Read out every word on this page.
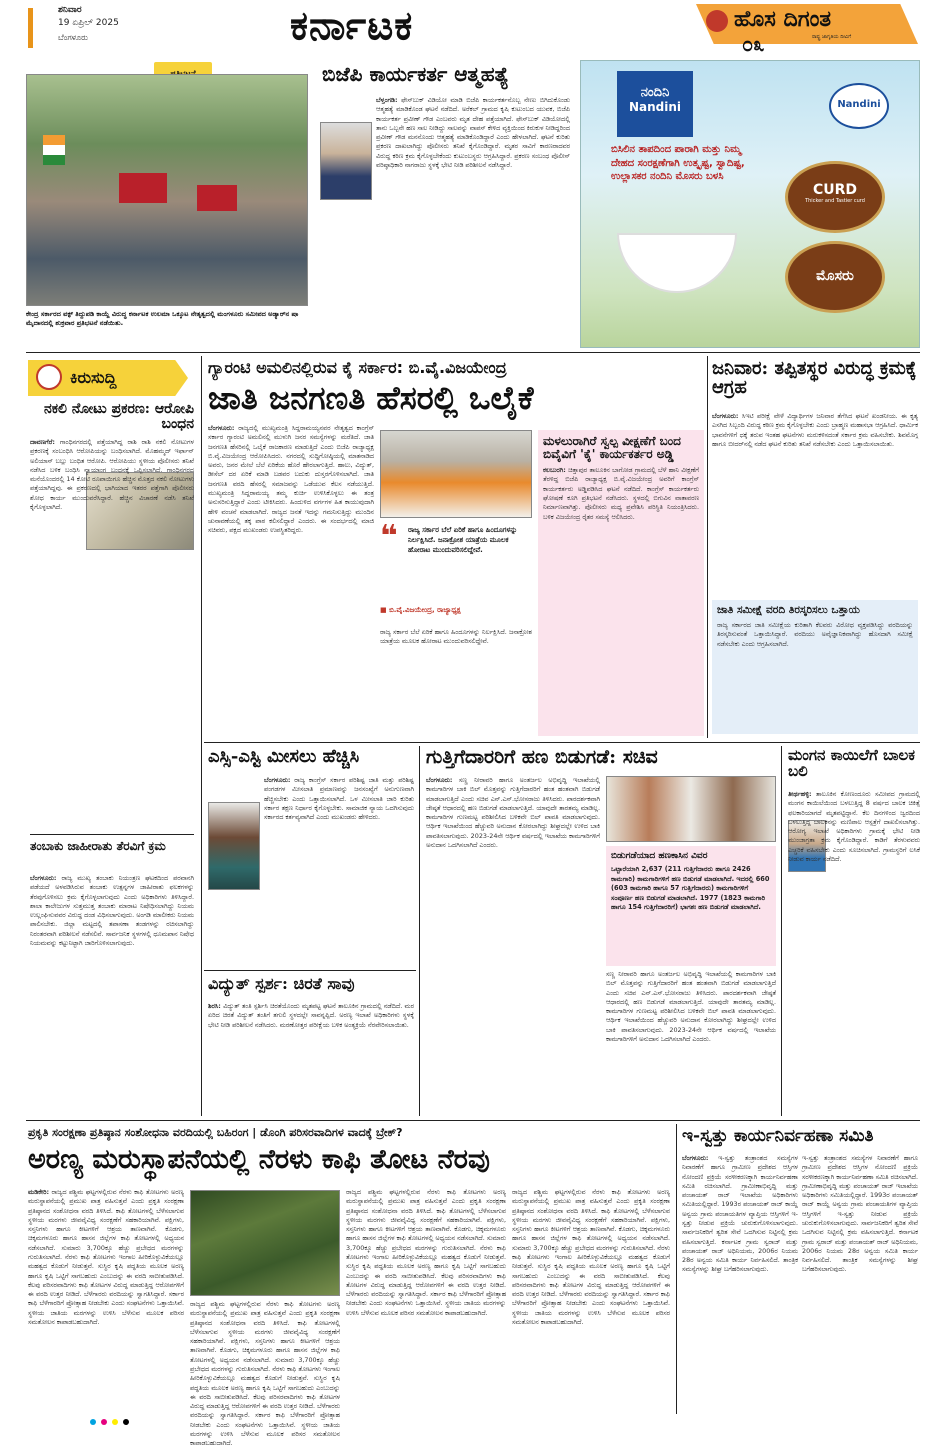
ಶನಿವಾರ
19 ಏಪ್ರಿಲ್ 2025
ಬೆಂಗಳೂರು	ಕರ್ನಾಟಕ	ಹೊಸ ದಿಗಂತ
ರಾಷ್ಟ್ರ ಜಾಗೃತಿಯ ದೀವಿಗೆ
೦೩
ಕೇಂದ್ರ ಸರ್ಕಾರದ ವಕ್ಫ್ ತಿದ್ದುಪಡಿ ಕಾಯ್ದೆ ವಿರುದ್ಧ ಕರ್ನಾಟಕ ಉಲಮಾ ಒಕ್ಕೂಟ ನೇತೃತ್ವದಲ್ಲಿ ಮಂಗಳೂರು ಸಮೀಪದ ಅಡ್ಯಾರ್‌ನ ಷಾ ಮೈದಾನದಲ್ಲಿ ಶುಕ್ರವಾರ ಪ್ರತಿಭಟನೆ ನಡೆಯಿತು.
ಬಿಜೆಪಿ ಕಾರ್ಯಕರ್ತ ಆತ್ಮಹತ್ಯೆ
ಬೆಳ್ತಂಗಡಿ: ಫೇಸ್‌ಬುಕ್ ವಿಡಿಯೋ ಮಾಡಿ ಬಿಜೆಪಿ ಕಾರ್ಯಕರ್ತನೊಬ್ಬ ನೇಣು ಬಿಗಿದುಕೊಂಡು ಆತ್ಮಹತ್ಯೆ ಮಾಡಿಕೊಂಡ ಘಟನೆ ನಡೆದಿದೆ. ಅರೆಕಲ್ ಗ್ರಾಮದ ಕೃಷಿ ಕುಟುಂಬದ ಯುವಕ, ಬಿಜೆಪಿ ಕಾರ್ಯಕರ್ತ ಪ್ರವೀಣ್ ಗೌಡ ಎಂಬವರು ಮೃತ ದೇಹ ಪತ್ತೆಯಾಗಿದೆ. ಫೇಸ್‌ಬುಕ್ ವಿಡಿಯೋದಲ್ಲಿ ತಾನು ಒಬ್ಬನೇ ಹಣ ಸಾಲ ನೀಡಿದ್ದು ಸಾಲವನ್ನು ವಾಪಸ್ ಕೇಳಿದ ವ್ಯಕ್ತಿಯಿಂದ ಕಿರುಕುಳ ನೀಡಿದ್ದರಿಂದ ಪ್ರವೀಣ್ ಗೌಡ ಮನನೊಂದು ಆತ್ಮಹತ್ಯೆ ಮಾಡಿಕೊಂಡಿದ್ದಾರೆ ಎಂದು ಹೇಳಲಾಗಿದೆ. ಘಟನೆ ಕುರಿತು ಪ್ರಕರಣ ದಾಖಲಾಗಿದ್ದು ಪೊಲೀಸರು ತನಿಖೆ ಕೈಗೊಂಡಿದ್ದಾರೆ. ಮೃತರ ಸಾವಿಗೆ ಕಾರಣರಾದವರ ವಿರುದ್ಧ ಕಠಿಣ ಕ್ರಮ ಕೈಗೊಳ್ಳಬೇಕೆಂದು ಕುಟುಂಬಸ್ಥರು ಆಗ್ರಹಿಸಿದ್ದಾರೆ. ಪ್ರಕರಣ ಸಂಬಂಧ ಪೊಲೀಸ್ ವರಿಷ್ಠಾಧಿಕಾರಿ ನಾಗರಾಜು ಸ್ಥಳಕ್ಕೆ ಭೇಟಿ ನೀಡಿ ಪರಿಶೀಲನೆ ನಡೆಸಿದ್ದಾರೆ.
ನಂದಿನಿ
Nandini	Nandini
ಬಿಸಿಲಿನ ತಾಪದಿಂದ ಪಾರಾಗಿ ಮತ್ತು ನಿಮ್ಮ ದೇಹದ ಸಂರಕ್ಷಣೆಗಾಗಿ ಉತ್ಕೃಷ್ಟ, ಸ್ವಾದಿಷ್ಟ, ಉಲ್ಲಾಸಕರ ನಂದಿನಿ ಮೊಸರು ಬಳಸಿ
CURD
Thicker and Tastier curd
ಮೊಸರು
ಕಿರುಸುದ್ದಿ
ನಕಲಿ ನೋಟು ಪ್ರಕರಣ: ಆರೋಪಿ ಬಂಧನ
ದಾವಣಗೆರೆ: ಗಾಂಧಿನಗರದಲ್ಲಿ ಪತ್ತೆಯಾಗಿದ್ದ ರಾಶಿ ರಾಶಿ ನಕಲಿ ನೋಟುಗಳ ಪ್ರಕರಣಕ್ಕೆ ಸಂಬಂಧಿಸಿ ಆರೋಪಿಯನ್ನು ಬಂಧಿಸಲಾಗಿದೆ. ಮೊಹಮ್ಮದ್ ಇರ್ಫಾನ್ ಅಲಿಯಾಸ್ ಬಬ್ಲು ಬಂಧಿತ ಆರೋಪಿ. ಆರೋಪಿಯು ಸ್ಥಳೀಯ ಪೊಲೀಸರು ತನಿಖೆ ನಡೆಸಿದ ಬಳಿಕ ಬಂಧಿಸಿ ನ್ಯಾಯಾಂಗ ಬಂಧನಕ್ಕೆ ಒಪ್ಪಿಸಲಾಗಿದೆ. ಗಾಂಧಿನಗರದ ಮನೆಯೊಂದರಲ್ಲಿ 14 ಕೋಟಿ ರೂಪಾಯಿಗೂ ಹೆಚ್ಚಿನ ಮೊತ್ತದ ನಕಲಿ ನೋಟುಗಳು ಪತ್ತೆಯಾಗಿದ್ದವು. ಈ ಪ್ರಕರಣದಲ್ಲಿ ಭಾಗಿಯಾದ ಇತರರ ಪತ್ತೆಗಾಗಿ ಪೊಲೀಸರು ಶೋಧ ಕಾರ್ಯ ಮುಂದುವರೆಸಿದ್ದಾರೆ. ಹೆಚ್ಚಿನ ವಿಚಾರಣೆ ನಡೆಸಿ ತನಿಖೆ ಕೈಗೊಳ್ಳಲಾಗಿದೆ.
ತಂಬಾಕು ಜಾಹೀರಾತು ತೆರವಿಗೆ ಕ್ರಮ
ಬೆಂಗಳೂರು: ರಾಜ್ಯ ಮುಖ್ಯ ತಂಬಾಕು ನಿಯಂತ್ರಣ ಘಟಕದಿಂದ ಪರವಾನಗಿ ಪಡೆಯದೆ ಅಳವಡಿಸಿರುವ ತಂಬಾಕು ಉತ್ಪನ್ನಗಳ ಜಾಹೀರಾತು ಫಲಕಗಳನ್ನು ತೆರವುಗೊಳಿಸಲು ಕ್ರಮ ಕೈಗೊಳ್ಳಲಾಗುವುದು ಎಂದು ಅಧಿಕಾರಿಗಳು ತಿಳಿಸಿದ್ದಾರೆ. ಶಾಲಾ ಕಾಲೇಜುಗಳ ಸುತ್ತಮುತ್ತ ತಂಬಾಕು ಮಾರಾಟ ನಿಷೇಧಿಸಲಾಗಿದ್ದು ನಿಯಮ ಉಲ್ಲಂಘಿಸುವವರ ವಿರುದ್ಧ ದಂಡ ವಿಧಿಸಲಾಗುವುದು. ಅಂಗಡಿ ಮಾಲೀಕರು ನಿಯಮ ಪಾಲಿಸಬೇಕು. ಜಿಲ್ಲಾ ಮಟ್ಟದಲ್ಲಿ ತಪಾಸಣಾ ತಂಡಗಳನ್ನು ರಚಿಸಲಾಗಿದ್ದು ನಿರಂತರವಾಗಿ ಪರಿಶೀಲನೆ ನಡೆಸಲಿವೆ. ಸಾರ್ವಜನಿಕ ಸ್ಥಳಗಳಲ್ಲಿ ಧೂಮಪಾನ ನಿಷೇಧ ನಿಯಮವನ್ನು ಕಟ್ಟುನಿಟ್ಟಾಗಿ ಜಾರಿಗೊಳಿಸಲಾಗುವುದು.
ಗ್ಯಾರಂಟಿ ಅಮಲಿನಲ್ಲಿರುವ ಕೈ ಸರ್ಕಾರ: ಬಿ.ವೈ.ವಿಜಯೇಂದ್ರ
ಜಾತಿ ಜನಗಣತಿ ಹೆಸರಲ್ಲಿ ಒಲೈಕೆ
ಬೆಂಗಳೂರು: ರಾಜ್ಯದಲ್ಲಿ ಮುಖ್ಯಮಂತ್ರಿ ಸಿದ್ದರಾಮಯ್ಯನವರ ನೇತೃತ್ವದ ಕಾಂಗ್ರೆಸ್ ಸರ್ಕಾರ ಗ್ಯಾರಂಟಿ ಅಮಲಿನಲ್ಲಿ ಮುಳುಗಿ ಜನರ ಸಮಸ್ಯೆಗಳನ್ನು ಮರೆತಿದೆ. ಜಾತಿ ಜನಗಣತಿ ಹೆಸರಿನಲ್ಲಿ ಒಲೈಕೆ ರಾಜಕಾರಣ ಮಾಡುತ್ತಿದೆ ಎಂದು ಬಿಜೆಪಿ ರಾಜ್ಯಾಧ್ಯಕ್ಷ ಬಿ.ವೈ.ವಿಜಯೇಂದ್ರ ಆರೋಪಿಸಿದರು. ನಗರದಲ್ಲಿ ಸುದ್ದಿಗೋಷ್ಠಿಯಲ್ಲಿ ಮಾತನಾಡಿದ ಅವರು, ಜನರ ಮೇಲೆ ಬೆಲೆ ಏರಿಕೆಯ ಹೊರೆ ಹೇರಲಾಗುತ್ತಿದೆ. ಹಾಲು, ವಿದ್ಯುತ್, ಡೀಸೆಲ್ ದರ ಏರಿಕೆ ಮಾಡಿ ಬಡವರ ಬದುಕು ದುಸ್ತರಗೊಳಿಸಲಾಗಿದೆ. ಜಾತಿ ಜನಗಣತಿ ವರದಿ ಹೆಸರಲ್ಲಿ ಸಮಾಜವನ್ನು ಒಡೆಯುವ ಕೆಲಸ ನಡೆಯುತ್ತಿದೆ. ಮುಖ್ಯಮಂತ್ರಿ ಸಿದ್ದರಾಮಯ್ಯ ತಮ್ಮ ಕುರ್ಚಿ ಉಳಿಸಿಕೊಳ್ಳಲು ಈ ತಂತ್ರ ಅನುಸರಿಸುತ್ತಿದ್ದಾರೆ ಎಂದು ಟೀಕಿಸಿದರು. ಹಿಂದುಳಿದ ವರ್ಗಗಳ ಹಿತ ಕಾಯುವುದಾಗಿ ಹೇಳಿ ವಂಚನೆ ಮಾಡಲಾಗಿದೆ. ರಾಜ್ಯದ ಜನತೆ ಇದನ್ನು ಗಮನಿಸುತ್ತಿದ್ದು ಮುಂದಿನ ಚುನಾವಣೆಯಲ್ಲಿ ತಕ್ಕ ಪಾಠ ಕಲಿಸಲಿದ್ದಾರೆ ಎಂದರು. ಈ ಸಂದರ್ಭದಲ್ಲಿ ಮಾಜಿ ಸಚಿವರು, ಪಕ್ಷದ ಮುಖಂಡರು ಉಪಸ್ಥಿತರಿದ್ದರು.	❝ ರಾಜ್ಯ ಸರ್ಕಾರ ಬೆಲೆ ಏರಿಕೆ ಹಾಗೂ ಹಿಂದೂಗಳನ್ನು ನಿರ್ಲಕ್ಷಿಸಿದೆ. ಜನಾಕ್ರೋಶ ಯಾತ್ರೆಯ ಮೂಲಕ ಹೋರಾಟ ಮುಂದುವರಿಸಲಿದ್ದೇವೆ.
■ ಬಿ.ವೈ.ವಿಜಯೇಂದ್ರ, ರಾಜ್ಯಾಧ್ಯಕ್ಷ
ರಾಜ್ಯ ಸರ್ಕಾರ ಬೆಲೆ ಏರಿಕೆ ಹಾಗೂ ಹಿಂದೂಗಳನ್ನು ನಿರ್ಲಕ್ಷಿಸಿದೆ. ಜನಾಕ್ರೋಶ ಯಾತ್ರೆಯ ಮೂಲಕ ಹೋರಾಟ ಮುಂದುವರಿಸಲಿದ್ದೇವೆ.
ಮಳಲುರಾಗಿರೆ ಸ್ವಲ್ಪ ವೀಕ್ಷಣೆಗೆ ಬಂದ ಬಿವೈವಿಗೆ 'ಕೈ' ಕಾರ್ಯಕರ್ತರ ಅಡ್ಡಿ
ಕಲಬುರಗಿ: ಚಿತ್ತಾಪುರ ತಾಲೂಕಿನ ಬಾಗೋಡ ಗ್ರಾಮದಲ್ಲಿ ಬೆಳೆ ಹಾನಿ ವೀಕ್ಷಣೆಗೆ ತೆರಳಿದ್ದ ಬಿಜೆಪಿ ರಾಜ್ಯಾಧ್ಯಕ್ಷ ಬಿ.ವೈ.ವಿಜಯೇಂದ್ರ ಅವರಿಗೆ ಕಾಂಗ್ರೆಸ್ ಕಾರ್ಯಕರ್ತರು ಅಡ್ಡಿಪಡಿಸಿದ ಘಟನೆ ನಡೆದಿದೆ. ಕಾಂಗ್ರೆಸ್ ಕಾರ್ಯಕರ್ತರು ಘೋಷಣೆ ಕೂಗಿ ಪ್ರತಿಭಟನೆ ನಡೆಸಿದರು. ಸ್ಥಳದಲ್ಲಿ ಬಿಗುವಿನ ವಾತಾವರಣ ನಿರ್ಮಾಣವಾಗಿತ್ತು. ಪೊಲೀಸರು ಮಧ್ಯ ಪ್ರವೇಶಿಸಿ ಪರಿಸ್ಥಿತಿ ನಿಯಂತ್ರಿಸಿದರು. ಬಳಿಕ ವಿಜಯೇಂದ್ರ ರೈತರ ಸಮಸ್ಯೆ ಆಲಿಸಿದರು.
ಜನಿವಾರ: ತಪ್ಪಿತಸ್ಥರ ವಿರುದ್ಧ ಕ್ರಮಕ್ಕೆ ಆಗ್ರಹ
ಬೆಂಗಳೂರು: ಸಿಇಟಿ ಪರೀಕ್ಷೆ ವೇಳೆ ವಿದ್ಯಾರ್ಥಿಗಳ ಜನಿವಾರ ತೆಗೆಸಿದ ಘಟನೆ ಖಂಡನೀಯ. ಈ ಕೃತ್ಯ ಎಸಗಿದ ಸಿಬ್ಬಂದಿ ವಿರುದ್ಧ ಕಠಿಣ ಕ್ರಮ ಕೈಗೊಳ್ಳಬೇಕು ಎಂದು ಬ್ರಾಹ್ಮಣ ಮಹಾಸಭಾ ಆಗ್ರಹಿಸಿದೆ. ಧಾರ್ಮಿಕ ಭಾವನೆಗಳಿಗೆ ಧಕ್ಕೆ ತರುವ ಇಂತಹ ಘಟನೆಗಳು ಮರುಕಳಿಸದಂತೆ ಸರ್ಕಾರ ಕ್ರಮ ವಹಿಸಬೇಕು. ಶಿವಮೊಗ್ಗ ಹಾಗೂ ಬೀದರ್‌ನಲ್ಲಿ ನಡೆದ ಘಟನೆ ಕುರಿತು ತನಿಖೆ ನಡೆಸಬೇಕು ಎಂದು ಒತ್ತಾಯಿಸಲಾಯಿತು.
ಜಾತಿ ಸಮೀಕ್ಷೆ ವರದಿ ತಿರಸ್ಕರಿಸಲು ಒತ್ತಾಯ
ರಾಜ್ಯ ಸರ್ಕಾರದ ಜಾತಿ ಸಮೀಕ್ಷೆಯ ಕುರಿತಾಗಿ ಕೆಲವರು ವಿರೋಧ ವ್ಯಕ್ತಪಡಿಸಿದ್ದು ವರದಿಯನ್ನು ತಿರಸ್ಕರಿಸುವಂತೆ ಒತ್ತಾಯಿಸಿದ್ದಾರೆ. ವರದಿಯು ಅವೈಜ್ಞಾನಿಕವಾಗಿದ್ದು ಹೊಸದಾಗಿ ಸಮೀಕ್ಷೆ ನಡೆಸಬೇಕು ಎಂದು ಆಗ್ರಹಿಸಲಾಗಿದೆ.
ಎಸ್ಸಿ-ಎಸ್ಟಿ ಮೀಸಲು ಹೆಚ್ಚಿಸಿ
ಬೆಂಗಳೂರು: ರಾಜ್ಯ ಕಾಂಗ್ರೆಸ್ ಸರ್ಕಾರ ಪರಿಶಿಷ್ಟ ಜಾತಿ ಮತ್ತು ಪರಿಶಿಷ್ಟ ಪಂಗಡಗಳ ಮೀಸಲಾತಿ ಪ್ರಮಾಣವನ್ನು ಜನಸಂಖ್ಯೆಗೆ ಅನುಗುಣವಾಗಿ ಹೆಚ್ಚಿಸಬೇಕು ಎಂದು ಒತ್ತಾಯಿಸಲಾಗಿದೆ. ಒಳ ಮೀಸಲಾತಿ ಜಾರಿ ಕುರಿತು ಸರ್ಕಾರ ತಕ್ಷಣ ನಿರ್ಧಾರ ಕೈಗೊಳ್ಳಬೇಕು. ಸಾಮಾಜಿಕ ನ್ಯಾಯ ಒದಗಿಸುವುದು ಸರ್ಕಾರದ ಕರ್ತವ್ಯವಾಗಿದೆ ಎಂದು ಮುಖಂಡರು ಹೇಳಿದರು.
ವಿದ್ಯುತ್ ಸ್ಪರ್ಶ: ಚಿರತೆ ಸಾವು
ಶಿರಸಿ: ವಿದ್ಯುತ್ ತಂತಿ ಸ್ಪರ್ಶಿಸಿ ಚಿರತೆಯೊಂದು ಮೃತಪಟ್ಟ ಘಟನೆ ತಾಲೂಕಿನ ಗ್ರಾಮದಲ್ಲಿ ನಡೆದಿದೆ. ಮರ ಏರಿದ ಚಿರತೆ ವಿದ್ಯುತ್ ತಂತಿಗೆ ತಗುಲಿ ಸ್ಥಳದಲ್ಲೇ ಸಾವನ್ನಪ್ಪಿದೆ. ಅರಣ್ಯ ಇಲಾಖೆ ಅಧಿಕಾರಿಗಳು ಸ್ಥಳಕ್ಕೆ ಭೇಟಿ ನೀಡಿ ಪರಿಶೀಲನೆ ನಡೆಸಿದರು. ಮರಣೋತ್ತರ ಪರೀಕ್ಷೆಯ ಬಳಿಕ ಅಂತ್ಯಕ್ರಿಯೆ ನೆರವೇರಿಸಲಾಯಿತು.
ಗುತ್ತಿಗೆದಾರರಿಗೆ ಹಣ ಬಿಡುಗಡೆ: ಸಚಿವ
ಬೆಂಗಳೂರು: ಸಣ್ಣ ನೀರಾವರಿ ಹಾಗೂ ಅಂತರ್ಜಲ ಅಭಿವೃದ್ಧಿ ಇಲಾಖೆಯಲ್ಲಿ ಕಾಮಗಾರಿಗಳ ಬಾಕಿ ಬಿಲ್ ಮೊತ್ತವನ್ನು ಗುತ್ತಿಗೆದಾರರಿಗೆ ಹಂತ ಹಂತವಾಗಿ ಬಿಡುಗಡೆ ಮಾಡಲಾಗುತ್ತಿದೆ ಎಂದು ಸಚಿವ ಎನ್.ಎಸ್.ಭೋಸರಾಜು ತಿಳಿಸಿದರು. ಪಾರದರ್ಶಕವಾಗಿ ಜೇಷ್ಠತೆ ಆಧಾರದಲ್ಲಿ ಹಣ ಬಿಡುಗಡೆ ಮಾಡಲಾಗುತ್ತಿದೆ. ಯಾವುದೇ ತಾರತಮ್ಯ ಮಾಡಿಲ್ಲ. ಕಾಮಗಾರಿಗಳ ಗುಣಮಟ್ಟ ಪರಿಶೀಲಿಸಿದ ಬಳಿಕವೇ ಬಿಲ್ ಪಾವತಿ ಮಾಡಲಾಗುವುದು. ಆರ್ಥಿಕ ಇಲಾಖೆಯಿಂದ ಹೆಚ್ಚುವರಿ ಅನುದಾನ ಕೋರಲಾಗಿದ್ದು ಶೀಘ್ರದಲ್ಲೇ ಉಳಿದ ಬಾಕಿ ಪಾವತಿಸಲಾಗುವುದು. 2023-24ನೇ ಆರ್ಥಿಕ ವರ್ಷದಲ್ಲಿ ಇಲಾಖೆಯ ಕಾಮಗಾರಿಗಳಿಗೆ ಅನುದಾನ ಒದಗಿಸಲಾಗಿದೆ ಎಂದರು.
ಬಿಡುಗಡೆಯಾದ ಹಣಕಾಸಿನ ವಿವರ
ಒಟ್ಟಾರೆಯಾಗಿ 2,637 (211 ಗುತ್ತಿಗೆದಾರರು ಹಾಗೂ 2426 ಕಾಮಗಾರಿ) ಕಾಮಗಾರಿಗಳಿಗೆ ಹಣ ಬಿಡುಗಡೆ ಮಾಡಲಾಗಿದೆ. ಇದರಲ್ಲಿ 660 (603 ಕಾಮಗಾರಿ ಹಾಗೂ 57 ಗುತ್ತಿಗೆದಾರರು) ಕಾಮಗಾರಿಗಳಿಗೆ ಸಂಪೂರ್ಣ ಹಣ ಬಿಡುಗಡೆ ಮಾಡಲಾಗಿದೆ. 1977 (1823 ಕಾಮಗಾರಿ ಹಾಗೂ 154 ಗುತ್ತಿಗೆದಾರರಿಗೆ) ಭಾಗಶಃ ಹಣ ಬಿಡುಗಡೆ ಮಾಡಲಾಗಿದೆ.
ಸಣ್ಣ ನೀರಾವರಿ ಹಾಗೂ ಅಂತರ್ಜಲ ಅಭಿವೃದ್ಧಿ ಇಲಾಖೆಯಲ್ಲಿ ಕಾಮಗಾರಿಗಳ ಬಾಕಿ ಬಿಲ್ ಮೊತ್ತವನ್ನು ಗುತ್ತಿಗೆದಾರರಿಗೆ ಹಂತ ಹಂತವಾಗಿ ಬಿಡುಗಡೆ ಮಾಡಲಾಗುತ್ತಿದೆ ಎಂದು ಸಚಿವ ಎನ್.ಎಸ್.ಭೋಸರಾಜು ತಿಳಿಸಿದರು. ಪಾರದರ್ಶಕವಾಗಿ ಜೇಷ್ಠತೆ ಆಧಾರದಲ್ಲಿ ಹಣ ಬಿಡುಗಡೆ ಮಾಡಲಾಗುತ್ತಿದೆ. ಯಾವುದೇ ತಾರತಮ್ಯ ಮಾಡಿಲ್ಲ. ಕಾಮಗಾರಿಗಳ ಗುಣಮಟ್ಟ ಪರಿಶೀಲಿಸಿದ ಬಳಿಕವೇ ಬಿಲ್ ಪಾವತಿ ಮಾಡಲಾಗುವುದು. ಆರ್ಥಿಕ ಇಲಾಖೆಯಿಂದ ಹೆಚ್ಚುವರಿ ಅನುದಾನ ಕೋರಲಾಗಿದ್ದು ಶೀಘ್ರದಲ್ಲೇ ಉಳಿದ ಬಾಕಿ ಪಾವತಿಸಲಾಗುವುದು. 2023-24ನೇ ಆರ್ಥಿಕ ವರ್ಷದಲ್ಲಿ ಇಲಾಖೆಯ ಕಾಮಗಾರಿಗಳಿಗೆ ಅನುದಾನ ಒದಗಿಸಲಾಗಿದೆ ಎಂದರು.
ಮಂಗನ ಕಾಯಿಲೆಗೆ ಬಾಲಕ ಬಲಿ
ತೀರ್ಥಹಳ್ಳಿ: ತಾಲೂಕಿನ ಕೋಣಂದೂರು ಸಮೀಪದ ಗ್ರಾಮದಲ್ಲಿ ಮಂಗನ ಕಾಯಿಲೆಯಿಂದ ಬಳಲುತ್ತಿದ್ದ 8 ವರ್ಷದ ಬಾಲಕ ಚಿಕಿತ್ಸೆ ಫಲಕಾರಿಯಾಗದೆ ಮೃತಪಟ್ಟಿದ್ದಾನೆ. ಕೆಲ ದಿನಗಳಿಂದ ಜ್ವರದಿಂದ ಬಳಲುತ್ತಿದ್ದ ಬಾಲಕನನ್ನು ಮಣಿಪಾಲ ಆಸ್ಪತ್ರೆಗೆ ದಾಖಲಿಸಲಾಗಿತ್ತು. ಆರೋಗ್ಯ ಇಲಾಖೆ ಅಧಿಕಾರಿಗಳು ಗ್ರಾಮಕ್ಕೆ ಭೇಟಿ ನೀಡಿ ಮುಂಜಾಗ್ರತಾ ಕ್ರಮ ಕೈಗೊಂಡಿದ್ದಾರೆ. ಕಾಡಿಗೆ ತೆರಳುವವರು ಎಚ್ಚರಿಕೆ ವಹಿಸಬೇಕು ಎಂದು ಸೂಚಿಸಲಾಗಿದೆ. ಗ್ರಾಮಸ್ಥರಿಗೆ ಲಸಿಕೆ ನೀಡುವ ಕಾರ್ಯ ನಡೆದಿದೆ.
ಪ್ರಕೃತಿ ಸಂರಕ್ಷಣಾ ಪ್ರತಿಷ್ಠಾನ ಸಂಶೋಧನಾ ವರದಿಯಲ್ಲಿ ಬಹಿರಂಗ | ಡೊಂಗಿ ಪರಿಸರವಾದಿಗಳ ವಾದಕ್ಕೆ ಬ್ರೇಕ್?
ಅರಣ್ಯ ಮರುಸ್ಥಾಪನೆಯಲ್ಲಿ ನೆರಳು ಕಾಫಿ ತೋಟ ನೆರವು
ಮಡಿಕೇರಿ: ರಾಜ್ಯದ ಪಶ್ಚಿಮ ಘಟ್ಟಗಳಲ್ಲಿರುವ ನೆರಳು ಕಾಫಿ ತೋಟಗಳು ಅರಣ್ಯ ಮರುಸ್ಥಾಪನೆಯಲ್ಲಿ ಪ್ರಮುಖ ಪಾತ್ರ ವಹಿಸುತ್ತವೆ ಎಂದು ಪ್ರಕೃತಿ ಸಂರಕ್ಷಣಾ ಪ್ರತಿಷ್ಠಾನದ ಸಂಶೋಧನಾ ವರದಿ ತಿಳಿಸಿದೆ. ಕಾಫಿ ತೋಟಗಳಲ್ಲಿ ಬೆಳೆಸಲಾಗುವ ಸ್ಥಳೀಯ ಮರಗಳು ಜೀವವೈವಿಧ್ಯ ಸಂರಕ್ಷಣೆಗೆ ಸಹಕಾರಿಯಾಗಿವೆ. ಪಕ್ಷಿಗಳು, ಸಸ್ತನಿಗಳು ಹಾಗೂ ಕೀಟಗಳಿಗೆ ಆಶ್ರಯ ತಾಣವಾಗಿವೆ. ಕೊಡಗು, ಚಿಕ್ಕಮಗಳೂರು ಹಾಗೂ ಹಾಸನ ಜಿಲ್ಲೆಗಳ ಕಾಫಿ ತೋಟಗಳಲ್ಲಿ ಅಧ್ಯಯನ ನಡೆಸಲಾಗಿದೆ. ಸುಮಾರು 3,700ಕ್ಕೂ ಹೆಚ್ಚು ಪ್ರಬೇಧದ ಮರಗಳನ್ನು ಗುರುತಿಸಲಾಗಿದೆ. ನೆರಳು ಕಾಫಿ ತೋಟಗಳು ಇಂಗಾಲ ಹೀರಿಕೊಳ್ಳುವಿಕೆಯಲ್ಲೂ ಮಹತ್ವದ ಕೊಡುಗೆ ನೀಡುತ್ತವೆ. ಸುಸ್ಥಿರ ಕೃಷಿ ಪದ್ಧತಿಯ ಮೂಲಕ ಅರಣ್ಯ ಹಾಗೂ ಕೃಷಿ ಒಟ್ಟಿಗೆ ಸಾಗಬಹುದು ಎಂಬುದನ್ನು ಈ ವರದಿ ಸಾಬೀತುಪಡಿಸಿದೆ. ಕೆಲವು ಪರಿಸರವಾದಿಗಳು ಕಾಫಿ ತೋಟಗಳ ವಿರುದ್ಧ ಮಾಡುತ್ತಿದ್ದ ಆರೋಪಗಳಿಗೆ ಈ ವರದಿ ಉತ್ತರ ನೀಡಿದೆ. ಬೆಳೆಗಾರರು ವರದಿಯನ್ನು ಸ್ವಾಗತಿಸಿದ್ದಾರೆ. ಸರ್ಕಾರ ಕಾಫಿ ಬೆಳೆಗಾರರಿಗೆ ಪ್ರೋತ್ಸಾಹ ನೀಡಬೇಕು ಎಂದು ಸಂಘಟನೆಗಳು ಒತ್ತಾಯಿಸಿವೆ. ಸ್ಥಳೀಯ ಜಾತಿಯ ಮರಗಳನ್ನು ಉಳಿಸಿ ಬೆಳೆಸುವ ಮೂಲಕ ಪರಿಸರ ಸಮತೋಲನ ಕಾಪಾಡಬಹುದಾಗಿದೆ.
ರಾಜ್ಯದ ಪಶ್ಚಿಮ ಘಟ್ಟಗಳಲ್ಲಿರುವ ನೆರಳು ಕಾಫಿ ತೋಟಗಳು ಅರಣ್ಯ ಮರುಸ್ಥಾಪನೆಯಲ್ಲಿ ಪ್ರಮುಖ ಪಾತ್ರ ವಹಿಸುತ್ತವೆ ಎಂದು ಪ್ರಕೃತಿ ಸಂರಕ್ಷಣಾ ಪ್ರತಿಷ್ಠಾನದ ಸಂಶೋಧನಾ ವರದಿ ತಿಳಿಸಿದೆ. ಕಾಫಿ ತೋಟಗಳಲ್ಲಿ ಬೆಳೆಸಲಾಗುವ ಸ್ಥಳೀಯ ಮರಗಳು ಜೀವವೈವಿಧ್ಯ ಸಂರಕ್ಷಣೆಗೆ ಸಹಕಾರಿಯಾಗಿವೆ. ಪಕ್ಷಿಗಳು, ಸಸ್ತನಿಗಳು ಹಾಗೂ ಕೀಟಗಳಿಗೆ ಆಶ್ರಯ ತಾಣವಾಗಿವೆ. ಕೊಡಗು, ಚಿಕ್ಕಮಗಳೂರು ಹಾಗೂ ಹಾಸನ ಜಿಲ್ಲೆಗಳ ಕಾಫಿ ತೋಟಗಳಲ್ಲಿ ಅಧ್ಯಯನ ನಡೆಸಲಾಗಿದೆ. ಸುಮಾರು 3,700ಕ್ಕೂ ಹೆಚ್ಚು ಪ್ರಬೇಧದ ಮರಗಳನ್ನು ಗುರುತಿಸಲಾಗಿದೆ. ನೆರಳು ಕಾಫಿ ತೋಟಗಳು ಇಂಗಾಲ ಹೀರಿಕೊಳ್ಳುವಿಕೆಯಲ್ಲೂ ಮಹತ್ವದ ಕೊಡುಗೆ ನೀಡುತ್ತವೆ. ಸುಸ್ಥಿರ ಕೃಷಿ ಪದ್ಧತಿಯ ಮೂಲಕ ಅರಣ್ಯ ಹಾಗೂ ಕೃಷಿ ಒಟ್ಟಿಗೆ ಸಾಗಬಹುದು ಎಂಬುದನ್ನು ಈ ವರದಿ ಸಾಬೀತುಪಡಿಸಿದೆ. ಕೆಲವು ಪರಿಸರವಾದಿಗಳು ಕಾಫಿ ತೋಟಗಳ ವಿರುದ್ಧ ಮಾಡುತ್ತಿದ್ದ ಆರೋಪಗಳಿಗೆ ಈ ವರದಿ ಉತ್ತರ ನೀಡಿದೆ. ಬೆಳೆಗಾರರು ವರದಿಯನ್ನು ಸ್ವಾಗತಿಸಿದ್ದಾರೆ. ಸರ್ಕಾರ ಕಾಫಿ ಬೆಳೆಗಾರರಿಗೆ ಪ್ರೋತ್ಸಾಹ ನೀಡಬೇಕು ಎಂದು ಸಂಘಟನೆಗಳು ಒತ್ತಾಯಿಸಿವೆ. ಸ್ಥಳೀಯ ಜಾತಿಯ ಮರಗಳನ್ನು ಉಳಿಸಿ ಬೆಳೆಸುವ ಮೂಲಕ ಪರಿಸರ ಸಮತೋಲನ ಕಾಪಾಡಬಹುದಾಗಿದೆ.
ರಾಜ್ಯದ ಪಶ್ಚಿಮ ಘಟ್ಟಗಳಲ್ಲಿರುವ ನೆರಳು ಕಾಫಿ ತೋಟಗಳು ಅರಣ್ಯ ಮರುಸ್ಥಾಪನೆಯಲ್ಲಿ ಪ್ರಮುಖ ಪಾತ್ರ ವಹಿಸುತ್ತವೆ ಎಂದು ಪ್ರಕೃತಿ ಸಂರಕ್ಷಣಾ ಪ್ರತಿಷ್ಠಾನದ ಸಂಶೋಧನಾ ವರದಿ ತಿಳಿಸಿದೆ. ಕಾಫಿ ತೋಟಗಳಲ್ಲಿ ಬೆಳೆಸಲಾಗುವ ಸ್ಥಳೀಯ ಮರಗಳು ಜೀವವೈವಿಧ್ಯ ಸಂರಕ್ಷಣೆಗೆ ಸಹಕಾರಿಯಾಗಿವೆ. ಪಕ್ಷಿಗಳು, ಸಸ್ತನಿಗಳು ಹಾಗೂ ಕೀಟಗಳಿಗೆ ಆಶ್ರಯ ತಾಣವಾಗಿವೆ. ಕೊಡಗು, ಚಿಕ್ಕಮಗಳೂರು ಹಾಗೂ ಹಾಸನ ಜಿಲ್ಲೆಗಳ ಕಾಫಿ ತೋಟಗಳಲ್ಲಿ ಅಧ್ಯಯನ ನಡೆಸಲಾಗಿದೆ. ಸುಮಾರು 3,700ಕ್ಕೂ ಹೆಚ್ಚು ಪ್ರಬೇಧದ ಮರಗಳನ್ನು ಗುರುತಿಸಲಾಗಿದೆ. ನೆರಳು ಕಾಫಿ ತೋಟಗಳು ಇಂಗಾಲ ಹೀರಿಕೊಳ್ಳುವಿಕೆಯಲ್ಲೂ ಮಹತ್ವದ ಕೊಡುಗೆ ನೀಡುತ್ತವೆ. ಸುಸ್ಥಿರ ಕೃಷಿ ಪದ್ಧತಿಯ ಮೂಲಕ ಅರಣ್ಯ ಹಾಗೂ ಕೃಷಿ ಒಟ್ಟಿಗೆ ಸಾಗಬಹುದು ಎಂಬುದನ್ನು ಈ ವರದಿ ಸಾಬೀತುಪಡಿಸಿದೆ. ಕೆಲವು ಪರಿಸರವಾದಿಗಳು ಕಾಫಿ ತೋಟಗಳ ವಿರುದ್ಧ ಮಾಡುತ್ತಿದ್ದ ಆರೋಪಗಳಿಗೆ ಈ ವರದಿ ಉತ್ತರ ನೀಡಿದೆ. ಬೆಳೆಗಾರರು ವರದಿಯನ್ನು ಸ್ವಾಗತಿಸಿದ್ದಾರೆ. ಸರ್ಕಾರ ಕಾಫಿ ಬೆಳೆಗಾರರಿಗೆ ಪ್ರೋತ್ಸಾಹ ನೀಡಬೇಕು ಎಂದು ಸಂಘಟನೆಗಳು ಒತ್ತಾಯಿಸಿವೆ. ಸ್ಥಳೀಯ ಜಾತಿಯ ಮರಗಳನ್ನು ಉಳಿಸಿ ಬೆಳೆಸುವ ಮೂಲಕ ಪರಿಸರ ಸಮತೋಲನ ಕಾಪಾಡಬಹುದಾಗಿದೆ.
ರಾಜ್ಯದ ಪಶ್ಚಿಮ ಘಟ್ಟಗಳಲ್ಲಿರುವ ನೆರಳು ಕಾಫಿ ತೋಟಗಳು ಅರಣ್ಯ ಮರುಸ್ಥಾಪನೆಯಲ್ಲಿ ಪ್ರಮುಖ ಪಾತ್ರ ವಹಿಸುತ್ತವೆ ಎಂದು ಪ್ರಕೃತಿ ಸಂರಕ್ಷಣಾ ಪ್ರತಿಷ್ಠಾನದ ಸಂಶೋಧನಾ ವರದಿ ತಿಳಿಸಿದೆ. ಕಾಫಿ ತೋಟಗಳಲ್ಲಿ ಬೆಳೆಸಲಾಗುವ ಸ್ಥಳೀಯ ಮರಗಳು ಜೀವವೈವಿಧ್ಯ ಸಂರಕ್ಷಣೆಗೆ ಸಹಕಾರಿಯಾಗಿವೆ. ಪಕ್ಷಿಗಳು, ಸಸ್ತನಿಗಳು ಹಾಗೂ ಕೀಟಗಳಿಗೆ ಆಶ್ರಯ ತಾಣವಾಗಿವೆ. ಕೊಡಗು, ಚಿಕ್ಕಮಗಳೂರು ಹಾಗೂ ಹಾಸನ ಜಿಲ್ಲೆಗಳ ಕಾಫಿ ತೋಟಗಳಲ್ಲಿ ಅಧ್ಯಯನ ನಡೆಸಲಾಗಿದೆ. ಸುಮಾರು 3,700ಕ್ಕೂ ಹೆಚ್ಚು ಪ್ರಬೇಧದ ಮರಗಳನ್ನು ಗುರುತಿಸಲಾಗಿದೆ. ನೆರಳು ಕಾಫಿ ತೋಟಗಳು ಇಂಗಾಲ ಹೀರಿಕೊಳ್ಳುವಿಕೆಯಲ್ಲೂ ಮಹತ್ವದ ಕೊಡುಗೆ ನೀಡುತ್ತವೆ. ಸುಸ್ಥಿರ ಕೃಷಿ ಪದ್ಧತಿಯ ಮೂಲಕ ಅರಣ್ಯ ಹಾಗೂ ಕೃಷಿ ಒಟ್ಟಿಗೆ ಸಾಗಬಹುದು ಎಂಬುದನ್ನು ಈ ವರದಿ ಸಾಬೀತುಪಡಿಸಿದೆ. ಕೆಲವು ಪರಿಸರವಾದಿಗಳು ಕಾಫಿ ತೋಟಗಳ ವಿರುದ್ಧ ಮಾಡುತ್ತಿದ್ದ ಆರೋಪಗಳಿಗೆ ಈ ವರದಿ ಉತ್ತರ ನೀಡಿದೆ. ಬೆಳೆಗಾರರು ವರದಿಯನ್ನು ಸ್ವಾಗತಿಸಿದ್ದಾರೆ. ಸರ್ಕಾರ ಕಾಫಿ ಬೆಳೆಗಾರರಿಗೆ ಪ್ರೋತ್ಸಾಹ ನೀಡಬೇಕು ಎಂದು ಸಂಘಟನೆಗಳು ಒತ್ತಾಯಿಸಿವೆ. ಸ್ಥಳೀಯ ಜಾತಿಯ ಮರಗಳನ್ನು ಉಳಿಸಿ ಬೆಳೆಸುವ ಮೂಲಕ ಪರಿಸರ ಸಮತೋಲನ ಕಾಪಾಡಬಹುದಾಗಿದೆ.
ಇ-ಸ್ವತ್ತು ಕಾರ್ಯನಿರ್ವಹಣಾ ಸಮಿತಿ
ಬೆಂಗಳೂರು: ಇ-ಸ್ವತ್ತು ತಂತ್ರಾಂಶದ ಸಮಸ್ಯೆಗಳ ನಿವಾರಣೆಗೆ ಹಾಗೂ ಗ್ರಾಮೀಣ ಪ್ರದೇಶದ ಆಸ್ತಿಗಳ ನೋಂದಣಿ ಪ್ರಕ್ರಿಯೆ ಸರಳೀಕರಣಕ್ಕಾಗಿ ಕಾರ್ಯನಿರ್ವಹಣಾ ಸಮಿತಿ ರಚಿಸಲಾಗಿದೆ. ಗ್ರಾಮೀಣಾಭಿವೃದ್ಧಿ ಮತ್ತು ಪಂಚಾಯತ್ ರಾಜ್ ಇಲಾಖೆಯ ಅಧಿಕಾರಿಗಳು ಸಮಿತಿಯಲ್ಲಿದ್ದಾರೆ. 1993ರ ಪಂಚಾಯತ್ ರಾಜ್ ಕಾಯ್ದೆ ಅನ್ವಯ ಗ್ರಾಮ ಪಂಚಾಯತಿಗಳ ವ್ಯಾಪ್ತಿಯ ಆಸ್ತಿಗಳಿಗೆ ಇ-ಸ್ವತ್ತು ನೀಡುವ ಪ್ರಕ್ರಿಯೆ ಚುರುಕುಗೊಳಿಸಲಾಗುವುದು. ಸಾರ್ವಜನಿಕರಿಗೆ ತ್ವರಿತ ಸೇವೆ ಒದಗಿಸುವ ನಿಟ್ಟಿನಲ್ಲಿ ಕ್ರಮ ವಹಿಸಲಾಗುತ್ತಿದೆ. ಕರ್ನಾಟಕ ಗ್ರಾಮ ಸ್ವರಾಜ್ ಮತ್ತು ಪಂಚಾಯತ್ ರಾಜ್ ಅಧಿನಿಯಮ, 2006ರ ನಿಯಮ 28ರ ಅನ್ವಯ ಸಮಿತಿ ಕಾರ್ಯ ನಿರ್ವಹಿಸಲಿದೆ. ತಾಂತ್ರಿಕ ಸಮಸ್ಯೆಗಳನ್ನು ಶೀಘ್ರ ಬಗೆಹರಿಸಲಾಗುವುದು.
ಇ-ಸ್ವತ್ತು ತಂತ್ರಾಂಶದ ಸಮಸ್ಯೆಗಳ ನಿವಾರಣೆಗೆ ಹಾಗೂ ಗ್ರಾಮೀಣ ಪ್ರದೇಶದ ಆಸ್ತಿಗಳ ನೋಂದಣಿ ಪ್ರಕ್ರಿಯೆ ಸರಳೀಕರಣಕ್ಕಾಗಿ ಕಾರ್ಯನಿರ್ವಹಣಾ ಸಮಿತಿ ರಚಿಸಲಾಗಿದೆ. ಗ್ರಾಮೀಣಾಭಿವೃದ್ಧಿ ಮತ್ತು ಪಂಚಾಯತ್ ರಾಜ್ ಇಲಾಖೆಯ ಅಧಿಕಾರಿಗಳು ಸಮಿತಿಯಲ್ಲಿದ್ದಾರೆ. 1993ರ ಪಂಚಾಯತ್ ರಾಜ್ ಕಾಯ್ದೆ ಅನ್ವಯ ಗ್ರಾಮ ಪಂಚಾಯತಿಗಳ ವ್ಯಾಪ್ತಿಯ ಆಸ್ತಿಗಳಿಗೆ ಇ-ಸ್ವತ್ತು ನೀಡುವ ಪ್ರಕ್ರಿಯೆ ಚುರುಕುಗೊಳಿಸಲಾಗುವುದು. ಸಾರ್ವಜನಿಕರಿಗೆ ತ್ವರಿತ ಸೇವೆ ಒದಗಿಸುವ ನಿಟ್ಟಿನಲ್ಲಿ ಕ್ರಮ ವಹಿಸಲಾಗುತ್ತಿದೆ. ಕರ್ನಾಟಕ ಗ್ರಾಮ ಸ್ವರಾಜ್ ಮತ್ತು ಪಂಚಾಯತ್ ರಾಜ್ ಅಧಿನಿಯಮ, 2006ರ ನಿಯಮ 28ರ ಅನ್ವಯ ಸಮಿತಿ ಕಾರ್ಯ ನಿರ್ವಹಿಸಲಿದೆ. ತಾಂತ್ರಿಕ ಸಮಸ್ಯೆಗಳನ್ನು ಶೀಘ್ರ ಬಗೆಹರಿಸಲಾಗುವುದು.
